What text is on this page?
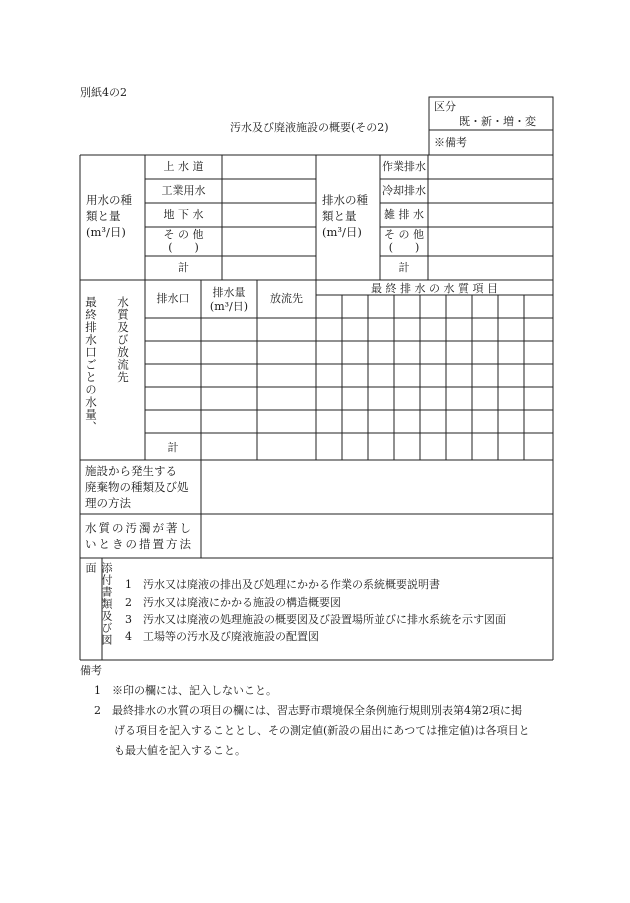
別紙4の2
汚水及び廃液施設の概要(その2)
区分
既・新・増・変
※備考
用水の種
類と量
(m³/日)
上 水 道
工業用水
地 下 水
そ の 他
(　　)
計
排水の種
類と量
(m³/日)
作業排水
冷却排水
雑 排 水
そ の 他
(　　)
計
最終排水口ごとの水量、 水質及び放流先	排水口	排水量
(m³/日)
放流先
最 終 排 水 の 水 質 項 目
計
施設から発生する
廃棄物の種類及び処
理の方法
水質の汚濁が著し
いときの措置方法
添付書類及び図面
1　汚水又は廃液の排出及び処理にかかる作業の系統概要説明書
2　汚水又は廃液にかかる施設の構造概要図
3　汚水又は廃液の処理施設の概要図及び設置場所並びに排水系統を示す図面
4　工場等の汚水及び廃液施設の配置図
備考
1　※印の欄には、記入しないこと。
2　最終排水の水質の項目の欄には、習志野市環境保全条例施行規則別表第4第2項に掲
げる項目を記入することとし、その測定値(新設の届出にあつては推定値)は各項目と
も最大値を記入すること。
